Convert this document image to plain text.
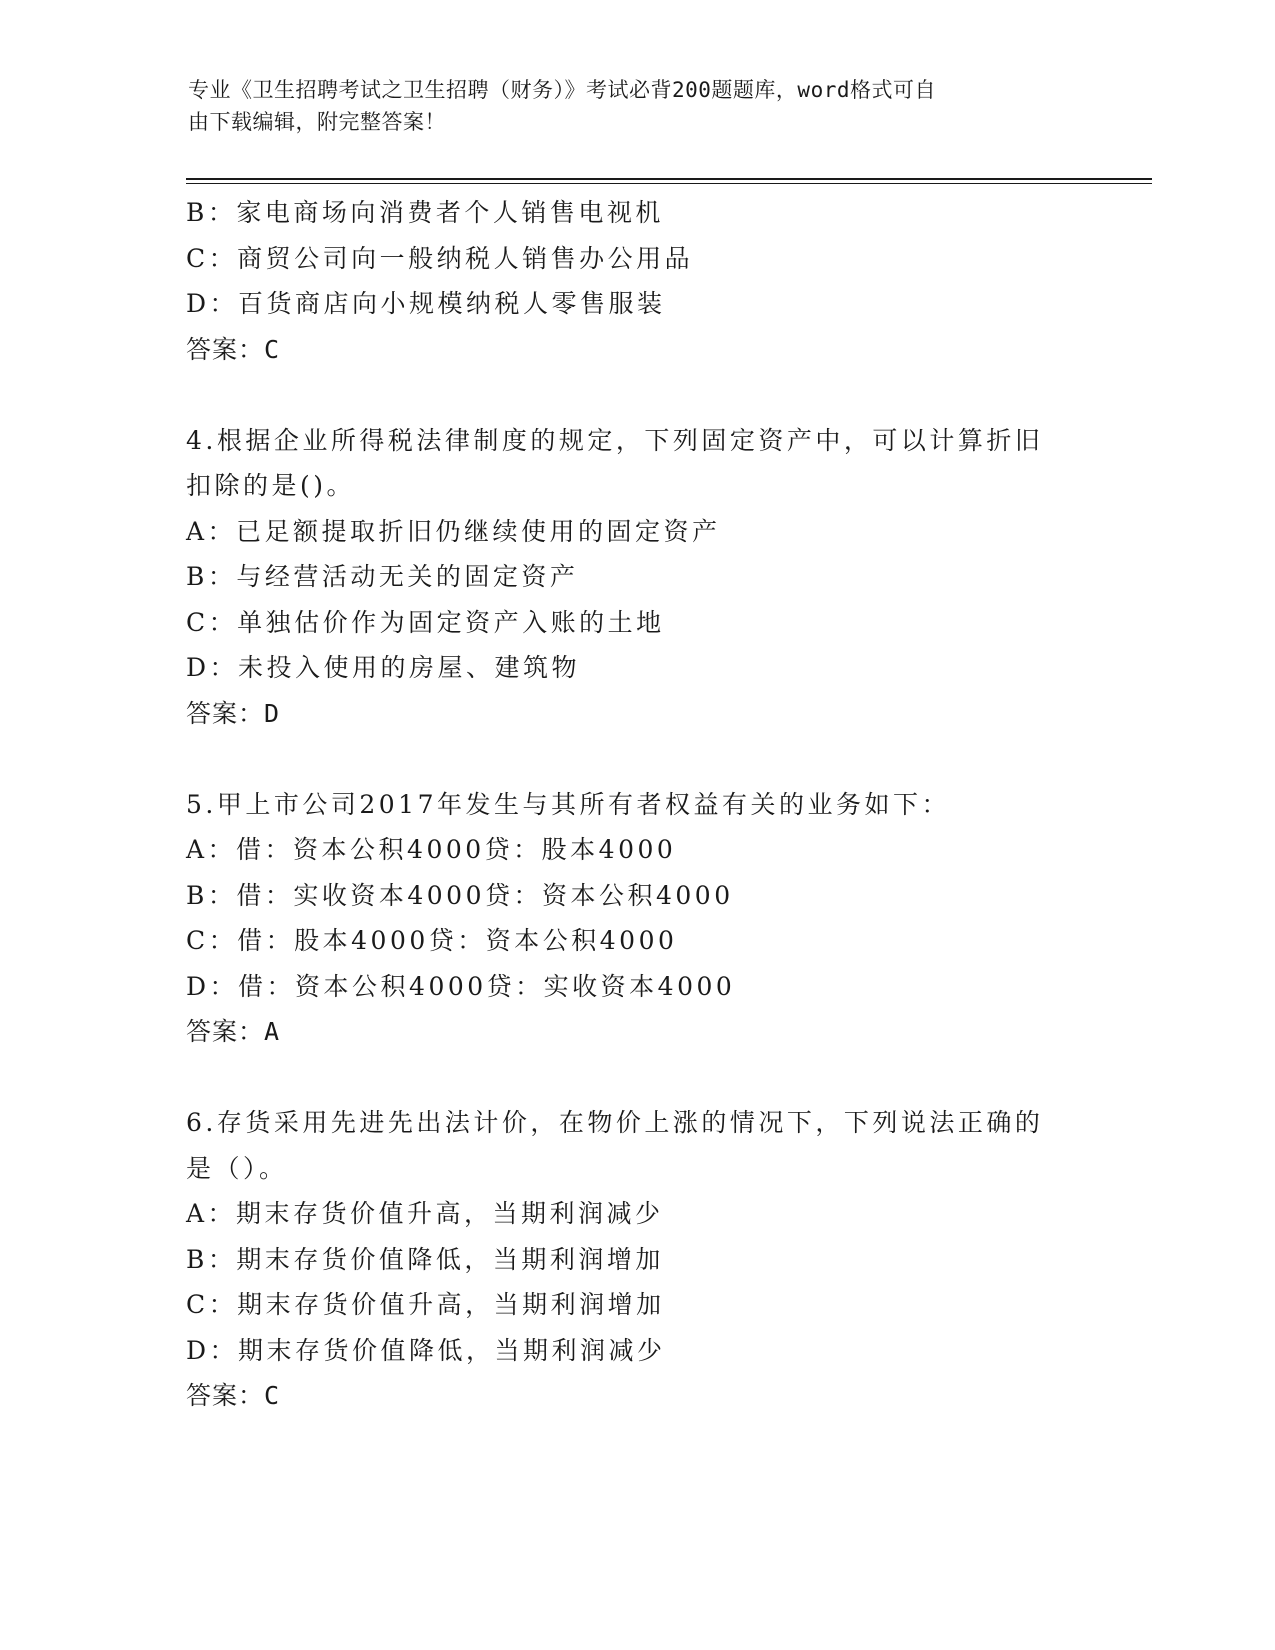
专业《卫生招聘考试之卫生招聘（财务）》考试必背200题题库，word格式可自
由下载编辑，附完整答案！

B：家电商场向消费者个人销售电视机

C：商贸公司向一般纳税人销售办公用品

D：百货商店向小规模纳税人零售服装

答案：C

4.根据企业所得税法律制度的规定，下列固定资产中，可以计算折旧

扣除的是()。

A：已足额提取折旧仍继续使用的固定资产

B：与经营活动无关的固定资产

C：单独估价作为固定资产入账的土地

D：未投入使用的房屋、建筑物

答案：D

5.甲上市公司2017年发生与其所有者权益有关的业务如下：

A：借：资本公积4000贷：股本4000

B：借：实收资本4000贷：资本公积4000

C：借：股本4000贷：资本公积4000

D：借：资本公积4000贷：实收资本4000

答案：A

6.存货采用先进先出法计价，在物价上涨的情况下，下列说法正确的

是（）。

A：期末存货价值升高，当期利润减少

B：期末存货价值降低，当期利润增加

C：期末存货价值升高，当期利润增加

D：期末存货价值降低，当期利润减少

答案：C
